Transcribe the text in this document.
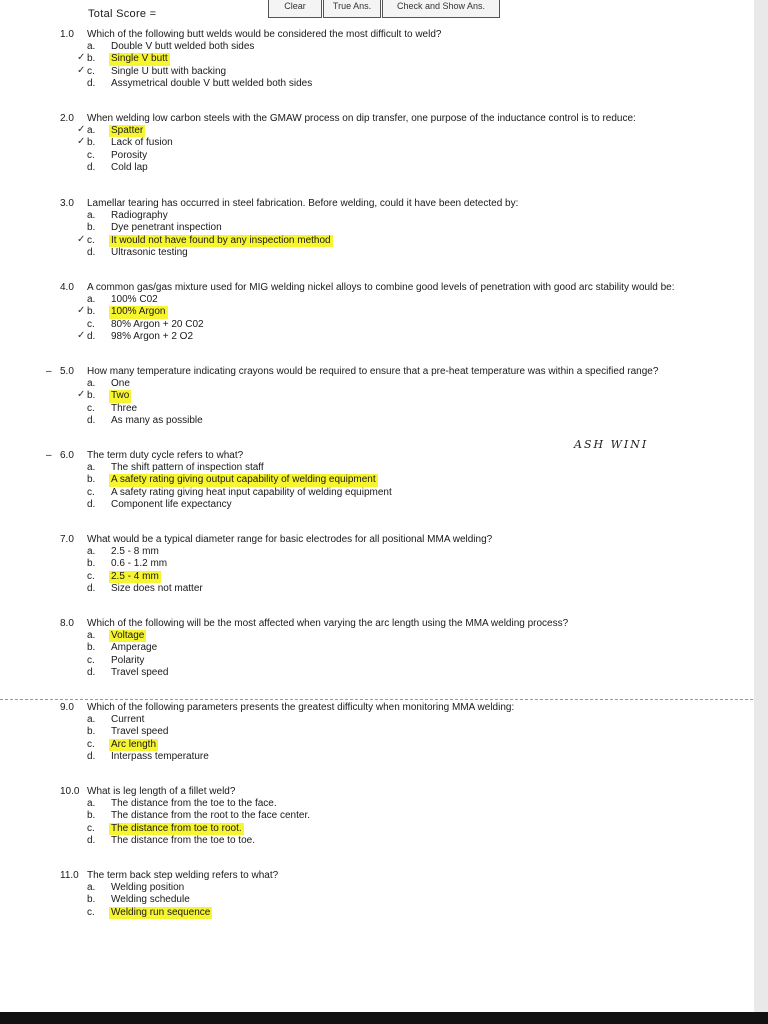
Total Score =
Clear	True Ans.	Check and Show Ans.
1.0 Which of the following butt welds would be considered the most difficult to weld?
a.	Double V butt welded both sides
b.	Single V butt
✓
c.	Single U butt with backing
✓
d.	Assymetrical double V butt welded both sides
2.0 When welding low carbon steels with the GMAW process on dip transfer, one purpose of the inductance control is to reduce:
a.	Spatter
✓
b.	Lack of fusion
✓
c.	Porosity
d.	Cold lap
3.0 Lamellar tearing has occurred in steel fabrication. Before welding, could it have been detected by:
a.	Radiography
b.	Dye penetrant inspection
c.	It would not have found by any inspection method
✓
d.	Ultrasonic testing
4.0 A common gas/gas mixture used for MIG welding nickel alloys to combine good levels of penetration with good arc stability would be:
a.	100% C02
b.	100% Argon
✓
c.	80% Argon + 20 C02
d.	98% Argon + 2 O2
✓
– 5.0 How many temperature indicating crayons would be required to ensure that a pre-heat temperature was within a specified range?
a.	One
b.	Two
✓
c.	Three
d.	As many as possible
– 6.0 The term duty cycle refers to what?
a.	The shift pattern of inspection staff
b.	A safety rating giving output capability of welding equipment
c.	A safety rating giving heat input capability of welding equipment
d.	Component life expectancy
7.0 What would be a typical diameter range for basic electrodes for all positional MMA welding?
a.	2.5 - 8 mm
b.	0.6 - 1.2 mm
c.	2.5 - 4 mm
d.	Size does not matter
8.0 Which of the following will be the most affected when varying the arc length using the MMA welding process?
a.	Voltage
b.	Amperage
c.	Polarity
d.	Travel speed
9.0 Which of the following parameters presents the greatest difficulty when monitoring MMA welding:
a.	Current
b.	Travel speed
c.	Arc length
d.	Interpass temperature
10.0 What is leg length of a fillet weld?
a.	The distance from the toe to the face.
b.	The distance from the root to the face center.
c.	The distance from toe to root.
d.	The distance from the toe to toe.
11.0 The term back step welding refers to what?
a.	Welding position
b.	Welding schedule
c.	Welding run sequence
ASH WINI
